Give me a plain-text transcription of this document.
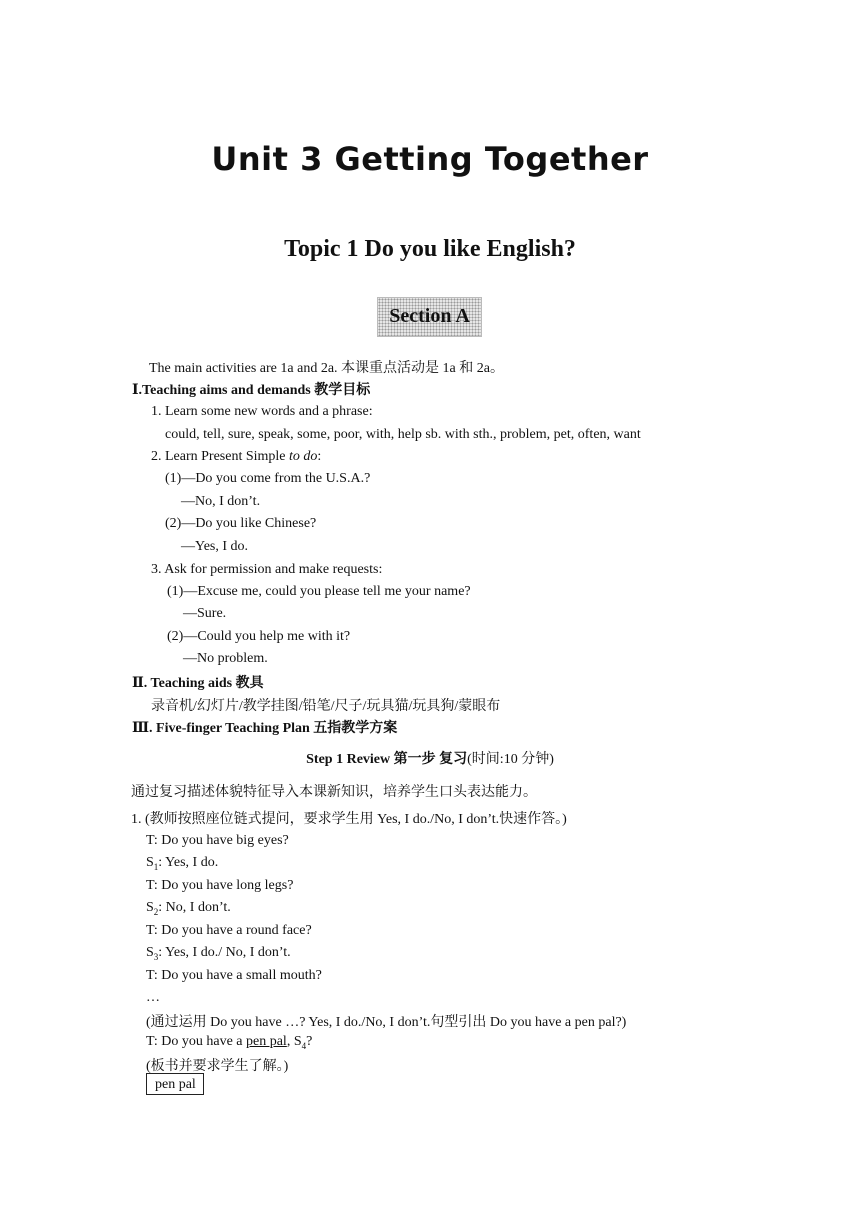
Unit 3 Getting Together
Topic 1 Do you like English?
Section A
The main activities are 1a and 2a. 本课重点活动是 1a 和 2a。
Ⅰ.Teaching aims and demands 教学目标
1. Learn some new words and a phrase:
could, tell, sure, speak, some, poor, with, help sb. with sth., problem, pet, often, want
2. Learn Present Simple to do:
(1)—Do you come from the U.S.A.?
—No, I don’t.
(2)—Do you like Chinese?
—Yes, I do.
3. Ask for permission and make requests:
(1)—Excuse me, could you please tell me your name?
—Sure.
(2)—Could you help me with it?
—No problem.
Ⅱ. Teaching aids 教具
录音机/幻灯片/教学挂图/铅笔/尺子/玩具猫/玩具狗/蒙眼布
Ⅲ. Five-finger Teaching Plan 五指教学方案
Step 1 Review 第一步 复习(时间:10 分钟)
通过复习描述体貌特征导入本课新知识，培养学生口头表达能力。
1. (教师按照座位链式提问，要求学生用 Yes, I do./No, I don’t.快速作答。)
T: Do you have big eyes?
$S_1$: Yes, I do.
T: Do you have long legs?
$S_2$: No, I don’t.
T: Do you have a round face?
$S_3$: Yes, I do./ No, I don’t.
T: Do you have a small mouth?
…
(通过运用 Do you have …? Yes, I do./No, I don’t.句型引出 Do you have a pen pal?)
T: Do you have a pen pal, $S_4$?
(板书并要求学生了解。)
pen pal
